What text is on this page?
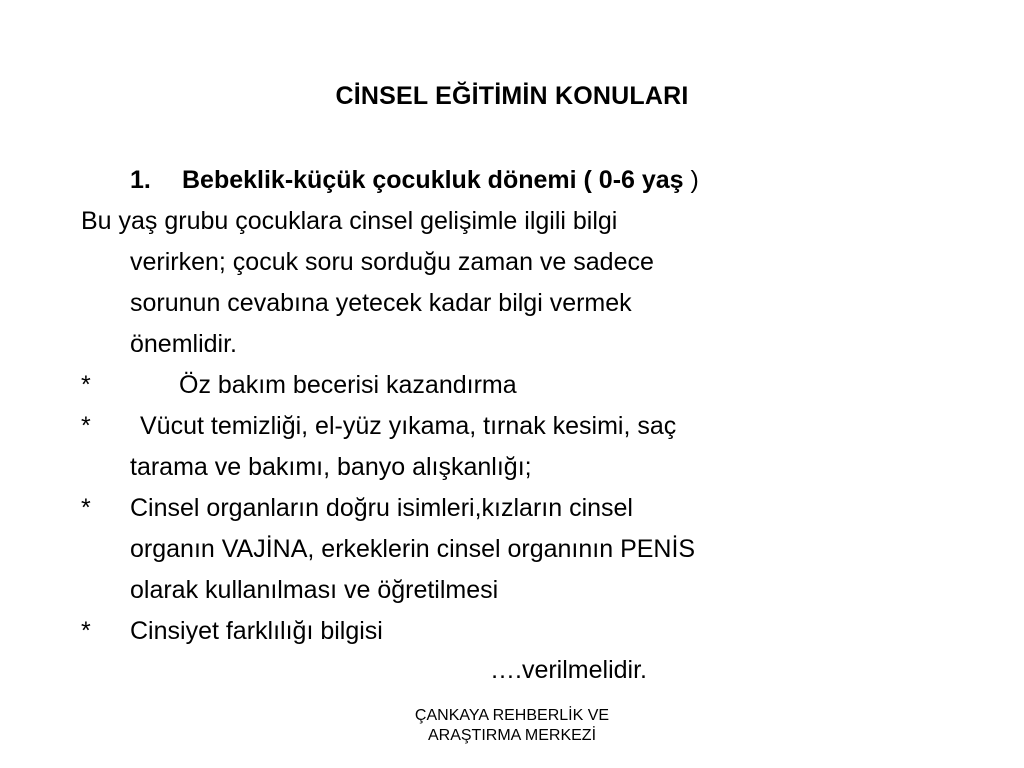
CİNSEL EĞİTİMİN KONULARI
1. Bebeklik-küçük çocukluk dönemi ( 0-6 yaş )
Bu yaş grubu çocuklara cinsel gelişimle ilgili bilgi
verirken; çocuk soru sorduğu zaman ve sadece
sorunun cevabına yetecek kadar bilgi vermek
önemlidir.
*	Öz bakım becerisi kazandırma
* Vücut temizliği, el-yüz yıkama, tırnak kesimi, saç
tarama ve bakımı, banyo alışkanlığı;
* Cinsel organların doğru isimleri,kızların cinsel
organın VAJİNA, erkeklerin cinsel organının PENİS
olarak kullanılması ve öğretilmesi
* Cinsiyet farklılığı bilgisi
….verilmelidir.
ÇANKAYA REHBERLİK VE
ARAŞTIRMA MERKEZİ
